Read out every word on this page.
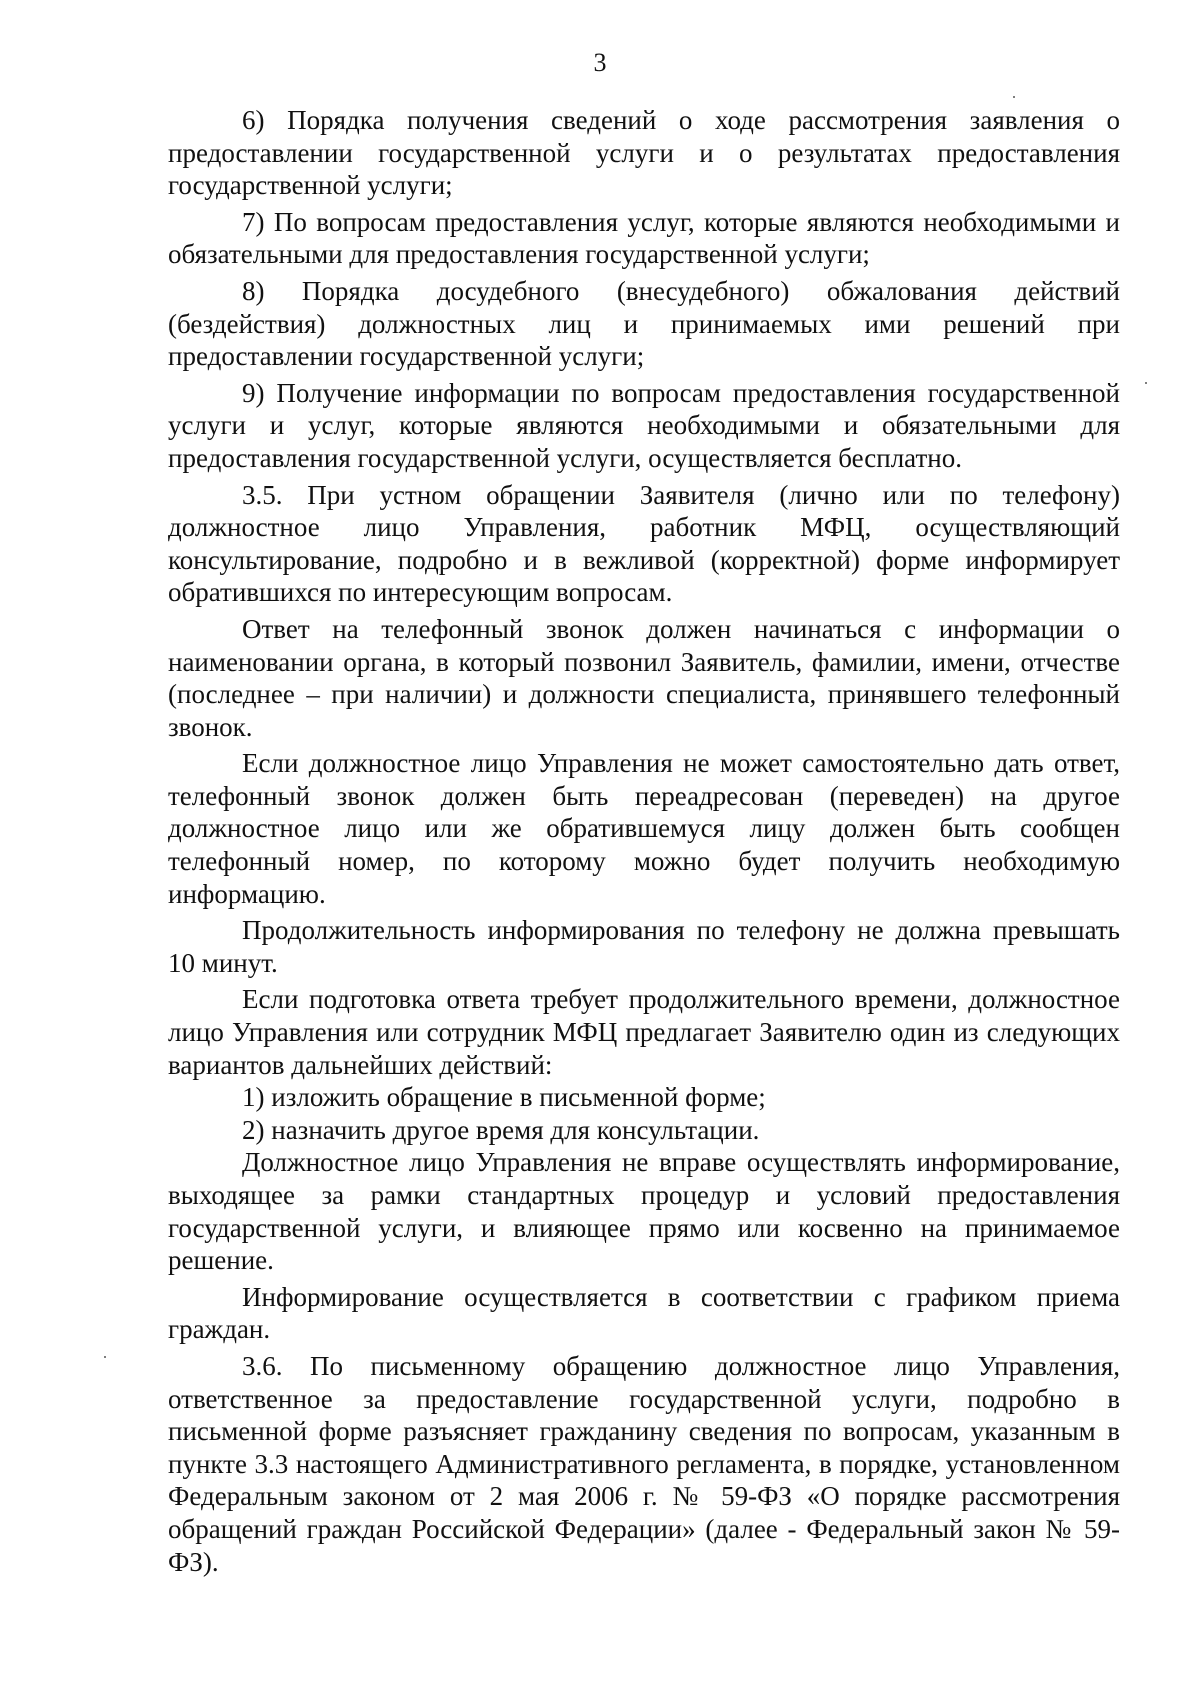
3

6) Порядка получения сведений о ходе рассмотрения заявления о предоставлении государственной услуги и о результатах предоставления государственной услуги;

7) По вопросам предоставления услуг, которые являются необходимыми и обязательными для предоставления государственной услуги;

8) Порядка досудебного (внесудебного) обжалования действий (бездействия) должностных лиц и принимаемых ими решений при предоставлении государственной услуги;

9) Получение информации по вопросам предоставления государственной услуги и услуг, которые являются необходимыми и обязательными для предоставления государственной услуги, осуществляется бесплатно.

3.5. При устном обращении Заявителя (лично или по телефону) должностное лицо Управления, работник МФЦ, осуществляющий консультирование, подробно и в вежливой (корректной) форме информирует обратившихся по интересующим вопросам.

Ответ на телефонный звонок должен начинаться с информации о наименовании органа, в который позвонил Заявитель, фамилии, имени, отчестве (последнее – при наличии) и должности специалиста, принявшего телефонный звонок.

Если должностное лицо Управления не может самостоятельно дать ответ, телефонный звонок должен быть переадресован (переведен) на другое должностное лицо или же обратившемуся лицу должен быть сообщен телефонный номер, по которому можно будет получить необходимую информацию.

Продолжительность информирования по телефону не должна превышать 10 минут.

Если подготовка ответа требует продолжительного времени, должностное лицо Управления или сотрудник МФЦ предлагает Заявителю один из следующих вариантов дальнейших действий:

1) изложить обращение в письменной форме;

2) назначить другое время для консультации.

Должностное лицо Управления не вправе осуществлять информирование, выходящее за рамки стандартных процедур и условий предоставления государственной услуги, и влияющее прямо или косвенно на принимаемое решение.

Информирование осуществляется в соответствии с графиком приема граждан.

3.6. По письменному обращению должностное лицо Управления, ответственное за предоставление государственной услуги, подробно в письменной форме разъясняет гражданину сведения по вопросам, указанным в пункте 3.3 настоящего Административного регламента, в порядке, установленном Федеральным законом от 2 мая 2006 г. № 59-ФЗ «О порядке рассмотрения обращений граждан Российской Федерации» (далее - Федеральный закон № 59-ФЗ).
